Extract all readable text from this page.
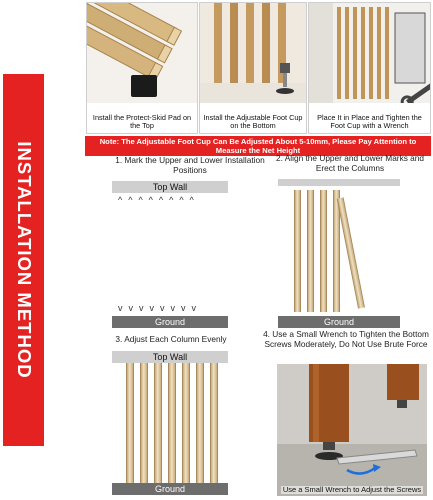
INSTALLATION METHOD
Install the Protect-Skid Pad on the Top
Install the Adjustable Foot Cup on the Bottom
Place It in Place and Tighten the Foot Cup with a Wrench
Note: The Adjustable Foot Cup Can Be Adjusted About 5-10mm, Please Pay Attention to Measure the Net Height
1. Mark the Upper and Lower Installation Positions
Top Wall
^^^^^^^^
vvvvvvvv
Ground
2. Align the Upper and Lower Marks and Erect the Columns
Ground
3. Adjust Each Column Evenly
Top Wall
Ground
4. Use a Small Wrench to Tighten the Bottom Screws Moderately, Do Not Use Brute Force
Use a Small Wrench to Adjust the Screws
